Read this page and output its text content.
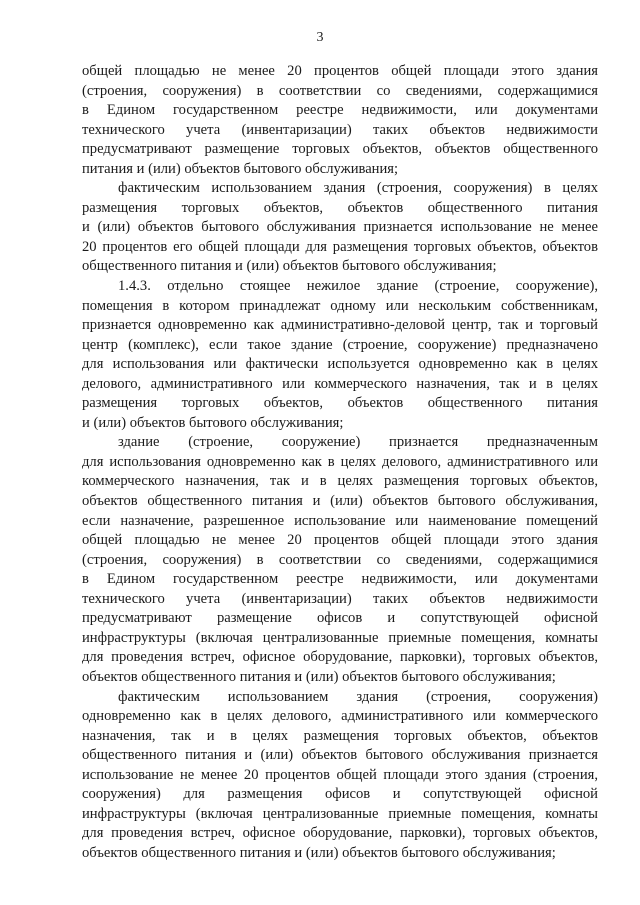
3
общей площадью не менее 20 процентов общей площади этого здания
(строения, сооружения) в соответствии со сведениями, содержащимися
в Едином государственном реестре недвижимости, или документами
технического учета (инвентаризации) таких объектов недвижимости
предусматривают размещение торговых объектов, объектов общественного
питания и (или) объектов бытового обслуживания;
фактическим использованием здания (строения, сооружения) в целях
размещения торговых объектов, объектов общественного питания
и (или) объектов бытового обслуживания признается использование не менее
20 процентов его общей площади для размещения торговых объектов, объектов
общественного питания и (или) объектов бытового обслуживания;
1.4.3. отдельно стоящее нежилое здание (строение, сооружение),
помещения в котором принадлежат одному или нескольким собственникам,
признается одновременно как административно-деловой центр, так и торговый
центр (комплекс), если такое здание (строение, сооружение) предназначено
для использования или фактически используется одновременно как в целях
делового, административного или коммерческого назначения, так и в целях
размещения торговых объектов, объектов общественного питания
и (или) объектов бытового обслуживания;
здание (строение, сооружение) признается предназначенным
для использования одновременно как в целях делового, административного или
коммерческого назначения, так и в целях размещения торговых объектов,
объектов общественного питания и (или) объектов бытового обслуживания,
если назначение, разрешенное использование или наименование помещений
общей площадью не менее 20 процентов общей площади этого здания
(строения, сооружения) в соответствии со сведениями, содержащимися
в Едином государственном реестре недвижимости, или документами
технического учета (инвентаризации) таких объектов недвижимости
предусматривают размещение офисов и сопутствующей офисной
инфраструктуры (включая централизованные приемные помещения, комнаты
для проведения встреч, офисное оборудование, парковки), торговых объектов,
объектов общественного питания и (или) объектов бытового обслуживания;
фактическим использованием здания (строения, сооружения)
одновременно как в целях делового, административного или коммерческого
назначения, так и в целях размещения торговых объектов, объектов
общественного питания и (или) объектов бытового обслуживания признается
использование не менее 20 процентов общей площади этого здания (строения,
сооружения) для размещения офисов и сопутствующей офисной
инфраструктуры (включая централизованные приемные помещения, комнаты
для проведения встреч, офисное оборудование, парковки), торговых объектов,
объектов общественного питания и (или) объектов бытового обслуживания;
